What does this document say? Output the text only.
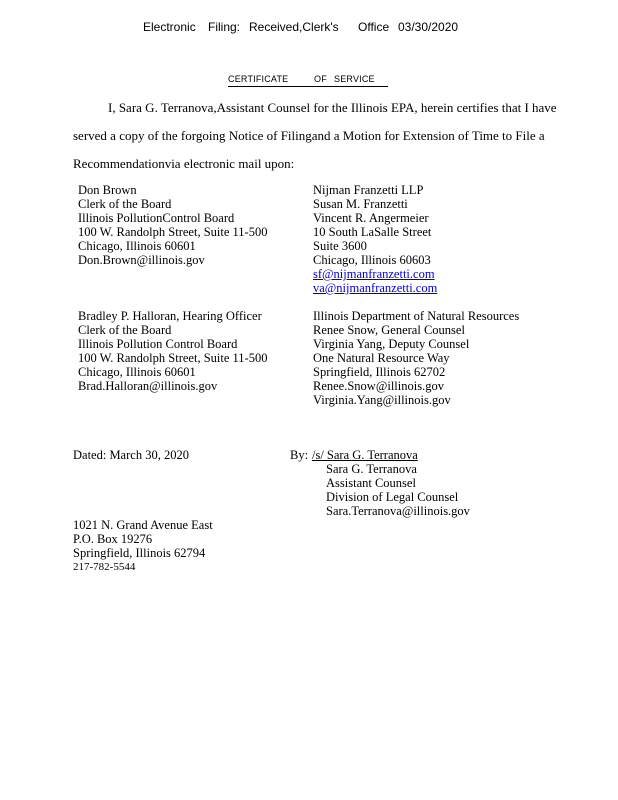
Electronic Filing: Received,Clerk's Office 03/30/2020
CERTIFICATE	OF SERVICE
I, Sara G. Terranova,Assistant Counsel for the Illinois EPA, herein certifies that I have
served a copy of the forgoing Notice of Filingand a Motion for Extension of Time to File a
Recommendationvia electronic mail upon:
Don Brown
Clerk of the Board
Illinois PollutionControl Board
100 W. Randolph Street, Suite 11-500
Chicago, Illinois 60601
Don.Brown@illinois.gov
Bradley P. Halloran, Hearing Officer
Clerk of the Board
Illinois Pollution Control Board
100 W. Randolph Street, Suite 11-500
Chicago, Illinois 60601
Brad.Halloran@illinois.gov
Nijman Franzetti LLP
Susan M. Franzetti
Vincent R. Angermeier
10 South LaSalle Street
Suite 3600
Chicago, Illinois 60603
sf@nijmanfranzetti.com
va@nijmanfranzetti.com
Illinois Department of Natural Resources
Renee Snow, General Counsel
Virginia Yang, Deputy Counsel
One Natural Resource Way
Springfield, Illinois 62702
Renee.Snow@illinois.gov
Virginia.Yang@illinois.gov
Dated: March 30, 2020	By: /s/ Sara G. Terranova
Sara G. Terranova
Assistant Counsel
Division of Legal Counsel
Sara.Terranova@illinois.gov
1021 N. Grand Avenue East
P.O. Box 19276
Springfield, Illinois 62794
217-782-5544
